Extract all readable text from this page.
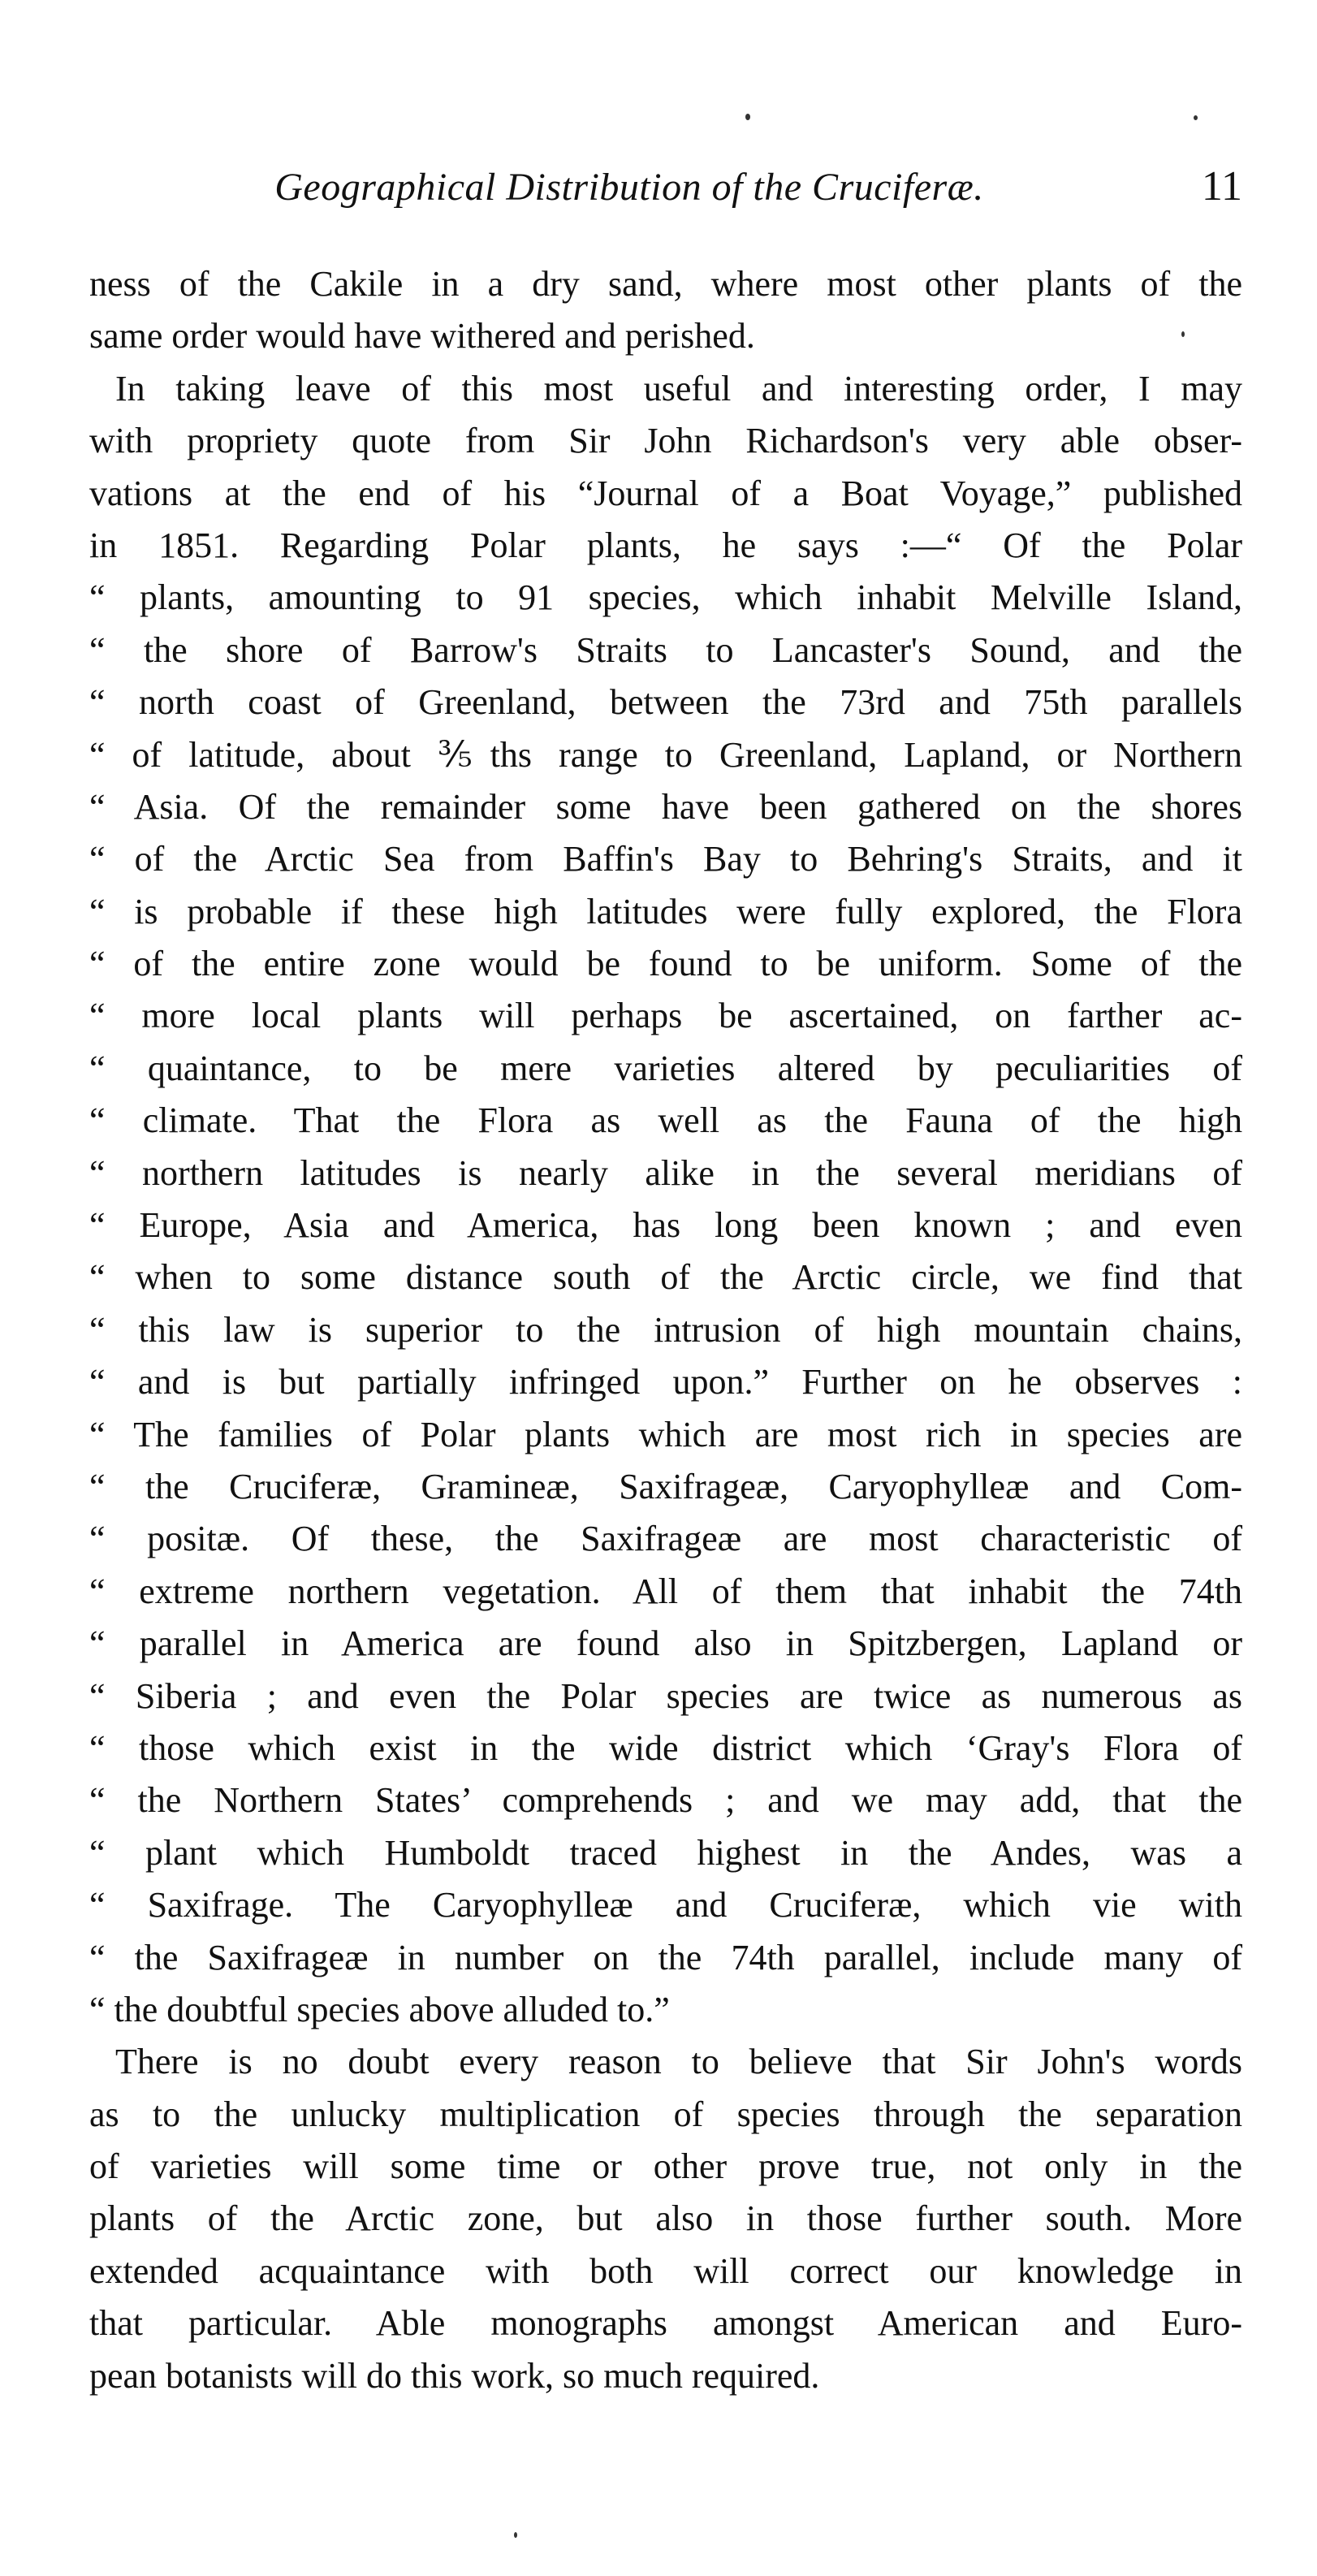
Geographical Distribution of the Cruciferæ.	11
ness of the Cakile in a dry sand, where most other plants of the
same order would have withered and perished.
In taking leave of this most useful and interesting order, I may
with propriety quote from Sir John Richardson's very able obser-
vations at the end of his “Journal of a Boat Voyage,” published
in 1851. Regarding Polar plants, he says :—“ Of the Polar
“ plants, amounting to 91 species, which inhabit Melville Island,
“ the shore of Barrow's Straits to Lancaster's Sound, and the
“ north coast of Greenland, between the 73rd and 75th parallels
“ of latitude, about ⅗ths range to Greenland, Lapland, or Northern
“ Asia. Of the remainder some have been gathered on the shores
“ of the Arctic Sea from Baffin's Bay to Behring's Straits, and it
“ is probable if these high latitudes were fully explored, the Flora
“ of the entire zone would be found to be uniform. Some of the
“ more local plants will perhaps be ascertained, on farther ac-
“ quaintance, to be mere varieties altered by peculiarities of
“ climate. That the Flora as well as the Fauna of the high
“ northern latitudes is nearly alike in the several meridians of
“ Europe, Asia and America, has long been known ; and even
“ when to some distance south of the Arctic circle, we find that
“ this law is superior to the intrusion of high mountain chains,
“ and is but partially infringed upon.” Further on he observes :
“ The families of Polar plants which are most rich in species are
“ the Cruciferæ, Gramineæ, Saxifrageæ, Caryophylleæ and Com-
“ positæ. Of these, the Saxifrageæ are most characteristic of
“ extreme northern vegetation. All of them that inhabit the 74th
“ parallel in America are found also in Spitzbergen, Lapland or
“ Siberia ; and even the Polar species are twice as numerous as
“ those which exist in the wide district which ‘Gray's Flora of
“ the Northern States’ comprehends ; and we may add, that the
“ plant which Humboldt traced highest in the Andes, was a
“ Saxifrage. The Caryophylleæ and Cruciferæ, which vie with
“ the Saxifrageæ in number on the 74th parallel, include many of
“ the doubtful species above alluded to.”
There is no doubt every reason to believe that Sir John's words
as to the unlucky multiplication of species through the separation
of varieties will some time or other prove true, not only in the
plants of the Arctic zone, but also in those further south. More
extended acquaintance with both will correct our knowledge in
that particular. Able monographs amongst American and Euro-
pean botanists will do this work, so much required.
